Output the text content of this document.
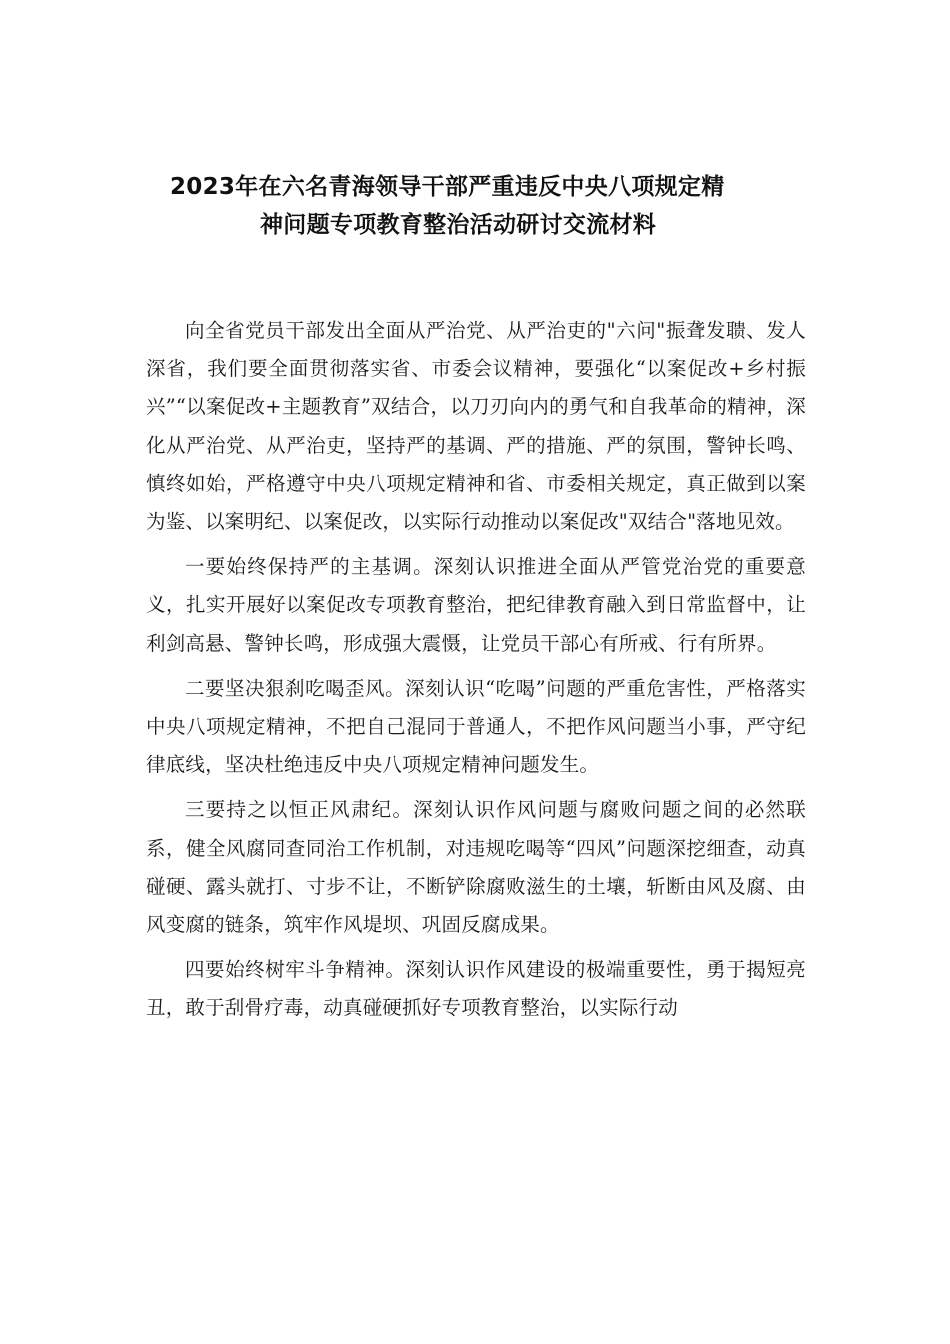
2023年在六名青海领导干部严重违反中央八项规定精
神问题专项教育整治活动研讨交流材料

向全省党员干部发出全面从严治党、从严治吏的"六问"振聋发聩、发人深省，我们要全面贯彻落实省、市委会议精神，要强化“以案促改+乡村振兴”“以案促改+主题教育”双结合，以刀刃向内的勇气和自我革命的精神，深化从严治党、从严治吏，坚持严的基调、严的措施、严的氛围，警钟长鸣、慎终如始，严格遵守中央八项规定精神和省、市委相关规定，真正做到以案为鉴、以案明纪、以案促改，以实际行动推动以案促改"双结合"落地见效。

一要始终保持严的主基调。深刻认识推进全面从严管党治党的重要意义，扎实开展好以案促改专项教育整治，把纪律教育融入到日常监督中，让利剑高悬、警钟长鸣，形成强大震慑，让党员干部心有所戒、行有所界。

二要坚决狠刹吃喝歪风。深刻认识“吃喝”问题的严重危害性，严格落实中央八项规定精神，不把自己混同于普通人，不把作风问题当小事，严守纪律底线，坚决杜绝违反中央八项规定精神问题发生。

三要持之以恒正风肃纪。深刻认识作风问题与腐败问题之间的必然联系，健全风腐同查同治工作机制，对违规吃喝等“四风”问题深挖细查，动真碰硬、露头就打、寸步不让，不断铲除腐败滋生的土壤，斩断由风及腐、由风变腐的链条，筑牢作风堤坝、巩固反腐成果。

四要始终树牢斗争精神。深刻认识作风建设的极端重要性，勇于揭短亮丑，敢于刮骨疗毒，动真碰硬抓好专项教育整治，以实际行动
